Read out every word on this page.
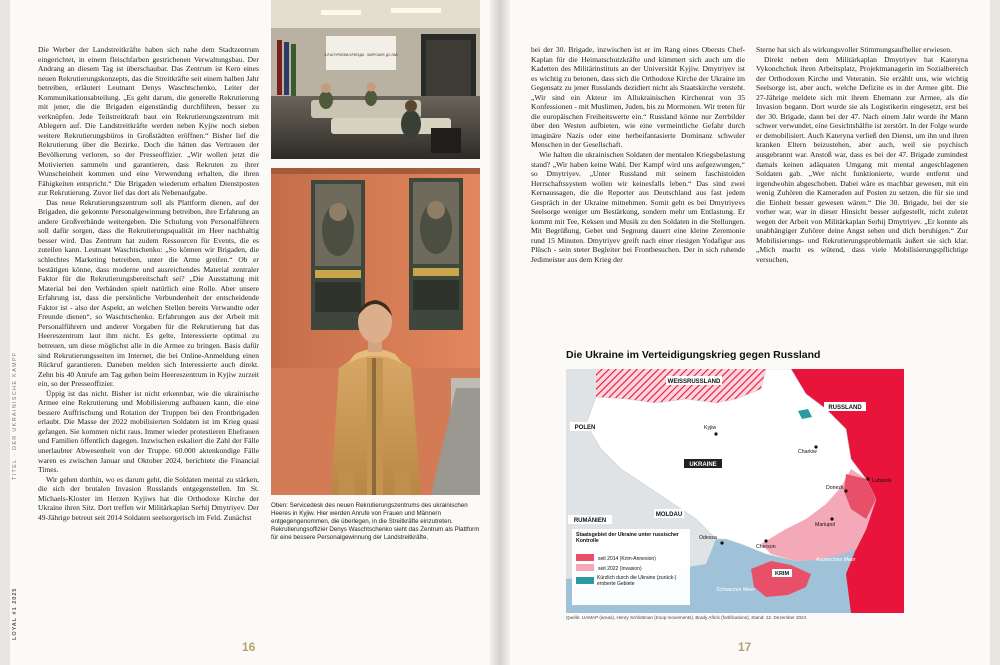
TITEL · DER UKRAINISCHE KAMPF
LOYAL #1 2025

Die Werber der Landstreitkräfte haben sich nahe dem Stadtzentrum eingerichtet, in einem fleischfarben gestrichenen Verwaltungsbau. Der Andrang an diesem Tag ist überschaubar. Das Zentrum ist Kern eines neuen Rekrutierungskonzepts, das die Streitkräfte seit einem halben Jahr betreiben, erläutert Leutnant Denys Waschtschenko, Leiter der Kommunikationsabteilung. „Es geht darum, die generelle Rekrutierung mit jener, die die Brigaden eigenständig durchführen, besser zu verknüpfen. Jede Teilstreitkraft baut ein Rekrutierungszentrum mit Ablegern auf. Die Landstreitkräfte werden neben Kyjiw noch sieben weitere Rekrutierungsbüros in Großstädten eröffnen.“ Bisher lief die Rekrutierung über die Bezirke. Doch die hätten das Vertrauen der Bevölkerung verloren, so der Presseoffizier. „Wir wollen jetzt die Motivierten sammeln und garantieren, dass Rekruten zu ihrer Wunscheinheit kommen und eine Verwendung erhalten, die ihren Fähigkeiten entspricht.“ Die Brigaden wiederum erhalten Dienstposten zur Rekrutierung. Zuvor lief das dort als Nebenaufgabe.

Das neue Rekrutierungszentrum soll als Plattform dienen, auf der Brigaden, die gekonnte Personalgewinnung betreiben, ihre Erfahrung an andere Großverbände weitergeben. Die Schulung von Personalführern soll dafür sorgen, dass die Rekrutierungsqualität im Heer nachhaltig besser wird. Das Zentrum hat zudem Ressourcen für Events, die es zuteilen kann. Leutnant Waschtschenko: „So können wir Brigaden, die schlechtes Marketing betreiben, unter die Arme greifen.“ Ob er bestätigen könne, dass moderne und ausreichendes Material zentraler Faktor für die Rekrutierungsbereitschaft sei? „Die Ausstattung mit Material bei den Verbänden spielt natürlich eine Rolle. Aber unsere Erfahrung ist, dass die persönliche Verbundenheit der entscheidende Faktor ist - also der Aspekt, an welchen Stellen bereits Verwandte oder Freunde dienen“, so Waschtschenko. Erfahrungen aus der Arbeit mit Personalführern und anderer Vorgaben für die Rekrutierung hat das Heereszentrum laut ihm nicht. Es gelte, Interessierte optimal zu betreuen, um diese möglichst alle in die Armee zu bringen. Basis dafür sind Rekrutierungsseiten im Internet, die bei Online-Anmeldung einen Rückruf garantieren. Daneben melden sich Interessierte auch direkt. Zehn bis 40 Anrufe am Tag gehen beim Heereszentrum in Kyjiw zurzeit ein, so der Presseoffizier.

Üppig ist das nicht. Bisher ist nicht erkennbar, wie die ukrainische Armee eine Rekrutierung und Mobilisierung aufbauen kann, die eine bessere Auffrischung und Rotation der Truppen bei den Frontbrigaden erlaubt. Die Masse der 2022 mobilisierten Soldaten ist im Krieg quasi gefangen. Sie kommen nicht raus. Immer wieder protestieren Ehefrauen und Familien öffentlich dagegen. Inzwischen eskaliert die Zahl der Fälle unerlaubter Abwesenheit von der Truppe. 60.000 aktenkundige Fälle waren es zwischen Januar und Oktober 2024, berichtete die Financial Times.

Wir gehen dorthin, wo es darum geht, die Soldaten mental zu stärken, die sich der brutalen Invasion Russlands entgegenstellen. Im St. Michaels-Kloster im Herzen Kyjiws hat die Orthodoxe Kirche der Ukraine ihren Sitz. Dort treffen wir Militärkaplan Serhij Dmytriyev. Der 49-Jährige betreut seit 2014 Soldaten seelsorgerisch im Feld. Zunächst

3-Я ШТУРМОВА БРИГАДА · ЗАПРОШУЄ ДО ЛАВ
Oben: Servicedesk des neuen Rekrutierungszentrums des ukrainischen Heeres in Kyjiw. Hier werden Anrufe von Frauen und Männern entgegengenommen, die überlegen, in die Streitkräfte einzutreten. Rekrutierungsoffizier Denys Waschtschenko sieht das Zentrum als Plattform für eine bessere Personalgewinnung der Landstreitkräfte.
16	17

bei der 30. Brigade, inzwischen ist er im Rang eines Obersts Chef-Kaplan für die Heimatschutzkräfte und kümmert sich auch um die Kadetten des Militärinstituts an der Universität Kyjiw. Dmytriyev ist es wichtig zu betonen, dass sich die Orthodoxe Kirche der Ukraine im Gegensatz zu jener Russlands dezidiert nicht als Staatskirche versteht. „Wir sind ein Akteur im Allukrainischen Kirchenrat von 35 Konfessionen - mit Muslimen, Juden, bis zu Mormonen. Wir treten für die europäischen Freiheitswerte ein.“ Russland könne nur Zerrbilder über den Westen aufbieten, wie eine vermeintliche Gefahr durch imaginäre Nazis oder eine herbeifantasierte Dominanz schwuler Menschen in der Gesellschaft.

Wie halten die ukrainischen Soldaten der mentalen Kriegsbelastung stand? „Wir haben keine Wahl. Der Kampf wird uns aufgezwungen,“ so Dmytriyev. „Unter Russland mit seinem faschistoiden Herrschaftssystem wollen wir keinesfalls leben.“ Das sind zwei Kernaussagen, die die Reporter aus Deutschland aus fast jedem Gespräch in der Ukraine mitnehmen. Somit geht es bei Dmytriyevs Seelsorge weniger um Bestärkung, sondern mehr um Entlastung. Er kommt mit Tee, Keksen und Musik zu den Soldaten in die Stellungen. Mit Begrüßung, Gebet und Segnung dauert eine kleine Zeremonie rund 15 Minuten. Dmytriyev greift nach einer riesigen Yodafigur aus Plüsch - sein steter Begleiter bei Frontbesuchen. Der in sich ruhende Jedimeister aus dem Krieg der

Sterne hat sich als wirkungsvoller Stimmungsaufheller erwiesen.

Direkt neben dem Militärkaplan Dmytriyev hat Kateryna Vykonchchuk ihren Arbeitsplatz, Projektmanagerin im Sozialbereich der Orthodoxen Kirche und Veteranin. Sie erzählt uns, wie wichtig Seelsorge ist, aber auch, welche Defizite es in der Armee gibt. Die 27-Jährige meldete sich mit ihrem Ehemann zur Armee, als die Invasion begann. Dort wurde sie als Logistikerin eingesetzt, erst bei der 30. Brigade, dann bei der 47. Nach einem Jahr wurde ihr Mann schwer verwundet, eine Gesichtshälfte ist zerstört. In der Folge wurde er demobilisiert. Auch Kateryna verließ den Dienst, um ihn und ihren kranken Eltern beizustehen, aber auch, weil sie psychisch ausgebrannt war. Anstoß war, dass es bei der 47. Brigade zumindest damals keinen adäquaten Umgang mit mental angeschlagenen Soldaten gab. „Wer nicht funktionierte, wurde entfernt und irgendwohin abgeschoben. Dabei wäre es machbar gewesen, mit ein wenig Zuhören die Kameraden auf Posten zu setzen, die für sie und die Einheit besser gewesen wären.“ Die 30. Brigade, bei der sie vorher war, war in dieser Hinsicht besser aufgestellt, nicht zuletzt wegen der Arbeit von Militärkaplan Serhij Dmytriyev. „Er konnte als unabhängiger Zuhörer deine Angst sehen und dich beruhigen.“ Zur Mobilisierungs- und Rekrutierungsproblematik äußert sie sich klar. „Mich macht es wütend, dass viele Mobilisierungspflichtige versuchen,

Die Ukraine im Verteidigungskrieg gegen Russland
WEISSRUSSLAND
RUSSLAND
POLEN
UKRAINE
MOLDAU
RUMÄNIEN
KRIM
Kyjiw
Charkiw
Donezk
Luhansk
Mariupol
Cherson
Odessa
Asowsches Meer
Schwarzes Meer
Staatsgebiet der Ukraine unter russischer Kontrolle
seit 2014 (Krim-Annexion)
seit 2022 (Invasion)
Kürzlich durch die Ukraine (zurück-) eroberte Gebiete
Quelle: UAMAP (areas), Henry Schlottman (troop movements), Brady Africk (fortifications), Stand: 12. Dezember 2024
